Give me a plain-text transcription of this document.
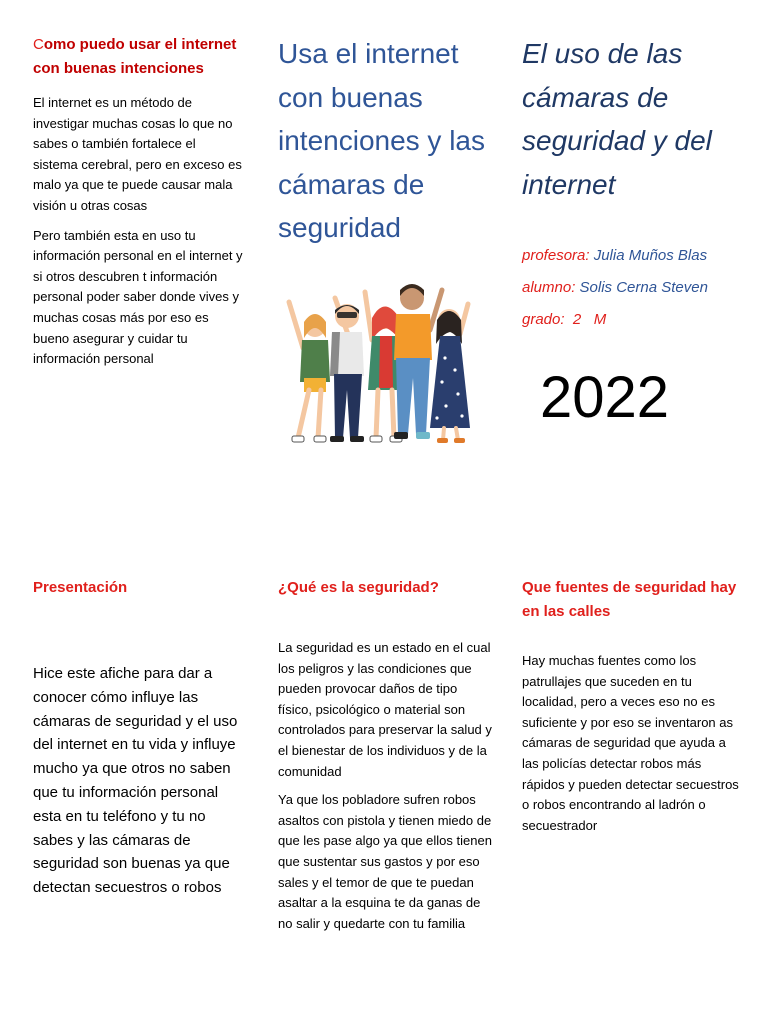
Como puedo usar el internet con buenas intenciones

El internet es un método de investigar muchas cosas lo que no sabes o también fortalece el sistema cerebral, pero en exceso es malo ya que te puede causar mala visión u otras cosas

Pero también esta en uso tu información personal en el internet y si otros descubren t información personal poder saber donde vives y muchas cosas más por eso es bueno asegurar y cuidar tu información personal

Usa el internet con buenas intenciones y las cámaras de seguridad
El uso de las cámaras de seguridad y del internet

profesora: Julia Muños Blas

alumno: Solis Cerna Steven

grado: 2   M

2022

Presentación

Hice este afiche para dar a conocer cómo influye las cámaras de seguridad y el uso del internet en tu vida y influye mucho ya que otros no saben que tu información personal esta en tu teléfono y tu no sabes y las cámaras de seguridad son buenas ya que detectan secuestros o robos

¿Qué es la seguridad?

La seguridad es un estado en el cual los peligros y las condiciones que pueden provocar daños de tipo físico, psicológico o material son controlados para preservar la salud y el bienestar de los individuos y de la comunidad

Ya que los pobladore sufren robos asaltos con pistola y tienen miedo de que les pase algo ya que ellos tienen que sustentar sus gastos y por eso sales y el temor de que te puedan asaltar a la esquina te da ganas de no salir y quedarte con tu familia

Que fuentes de seguridad hay en las calles

Hay muchas fuentes como los patrullajes que suceden en tu localidad, pero a veces eso no es suficiente y por eso se inventaron as cámaras de seguridad que ayuda a las policías detectar robos más rápidos y pueden detectar secuestros o robos encontrando al ladrón o secuestrador
